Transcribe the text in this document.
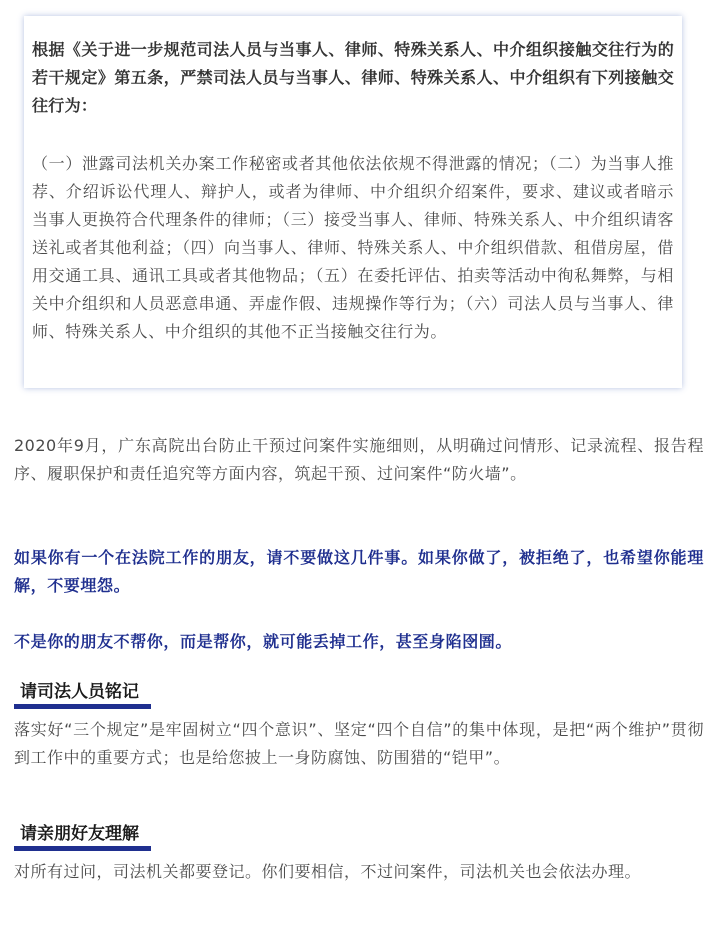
根据《关于进一步规范司法人员与当事人、律师、特殊关系人、中介组织接触交往行为的若干规定》第五条，严禁司法人员与当事人、律师、特殊关系人、中介组织有下列接触交往行为：

（一）泄露司法机关办案工作秘密或者其他依法依规不得泄露的情况；（二）为当事人推荐、介绍诉讼代理人、辩护人，或者为律师、中介组织介绍案件，要求、建议或者暗示当事人更换符合代理条件的律师；（三）接受当事人、律师、特殊关系人、中介组织请客送礼或者其他利益；（四）向当事人、律师、特殊关系人、中介组织借款、租借房屋，借用交通工具、通讯工具或者其他物品；（五）在委托评估、拍卖等活动中徇私舞弊，与相关中介组织和人员恶意串通、弄虚作假、违规操作等行为；（六）司法人员与当事人、律师、特殊关系人、中介组织的其他不正当接触交往行为。

2020年9月，广东高院出台防止干预过问案件实施细则，从明确过问情形、记录流程、报告程序、履职保护和责任追究等方面内容，筑起干预、过问案件“防火墙”。

如果你有一个在法院工作的朋友，请不要做这几件事。如果你做了，被拒绝了，也希望你能理解，不要埋怨。

不是你的朋友不帮你，而是帮你，就可能丢掉工作，甚至身陷囹圄。

请司法人员铭记

落实好“三个规定”是牢固树立“四个意识”、坚定“四个自信”的集中体现，是把“两个维护”贯彻到工作中的重要方式；也是给您披上一身防腐蚀、防围猎的“铠甲”。

请亲朋好友理解

对所有过问，司法机关都要登记。你们要相信，不过问案件，司法机关也会依法办理。
